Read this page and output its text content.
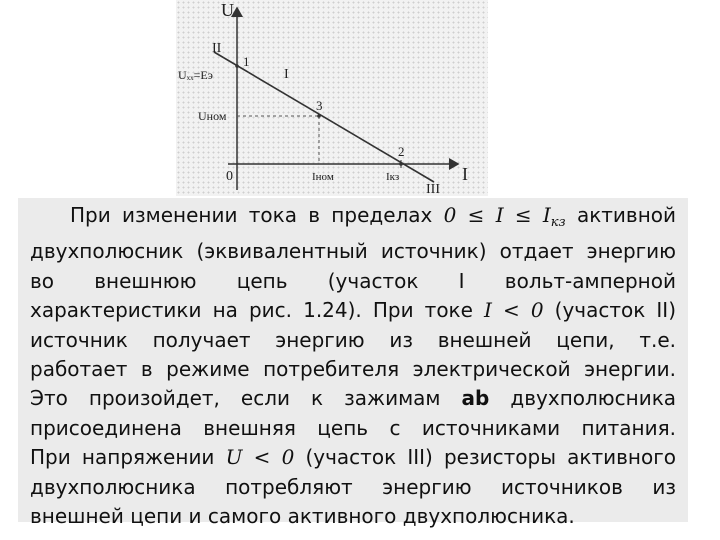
U
I
0
Uₓₓ=Eэ
Uном
Iном	Iкз
1
2
3
I
II
III

При изменении тока в пределах $0 \le I \le I_{кз}$ активной
двухполюсник (эквивалентный источник) отдает энергию
во внешнюю цепь (участок I вольт-амперной
характеристики на рис. 1.24). При токе I < 0 (участок II)
источник получает энергию из внешней цепи, т.е.
работает в режиме потребителя электрической энергии.
Это произойдет, если к зажимам ab двухполюсника
присоединена внешняя цепь с источниками питания.
При напряжении U < 0 (участок III) резисторы активного
двухполюсника потребляют энергию источников из
внешней цепи и самого активного двухполюсника.
